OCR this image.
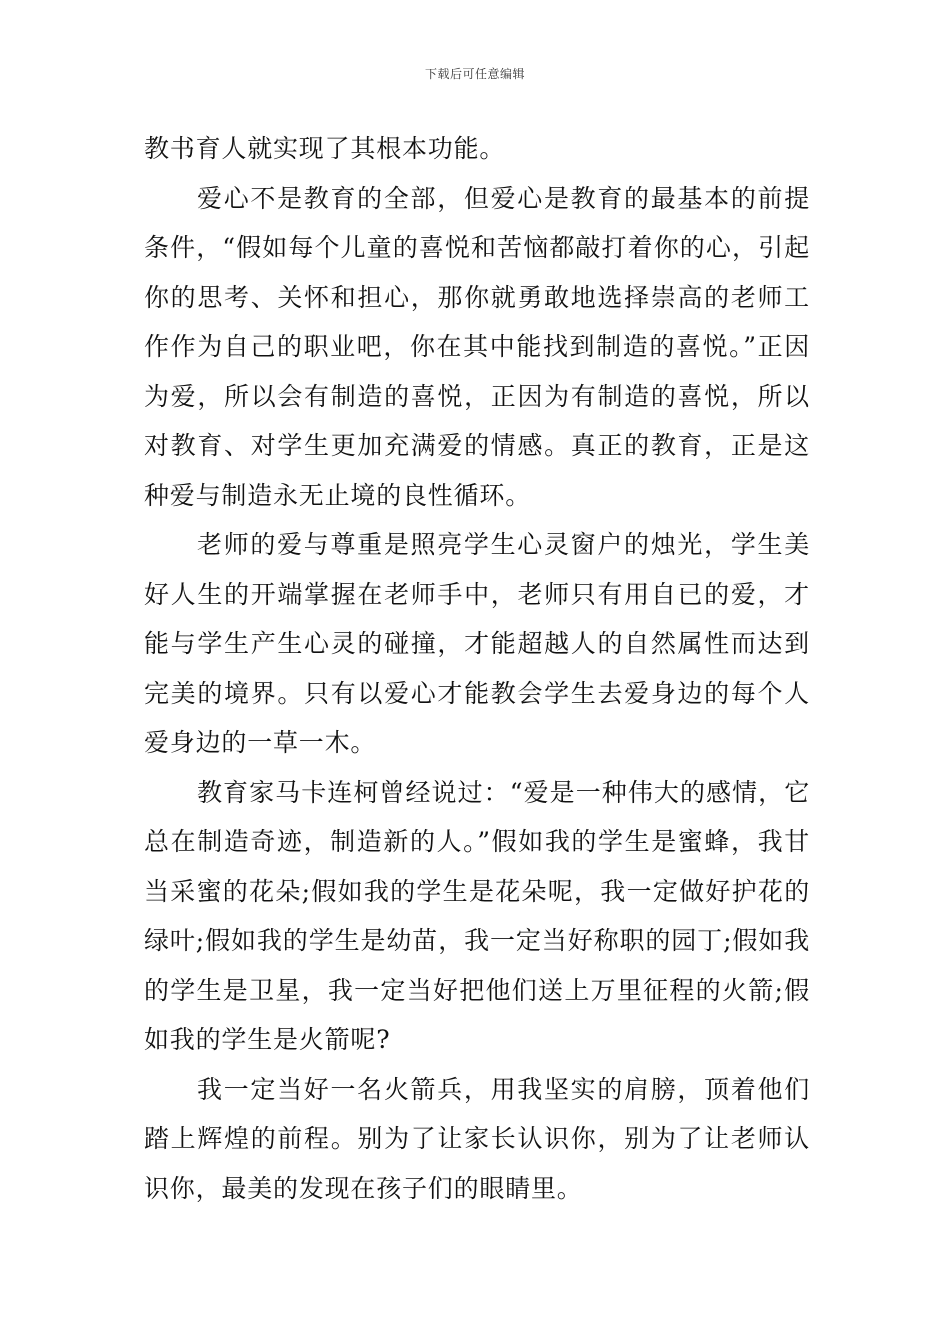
下载后可任意编辑

教书育人就实现了其根本功能。

爱心不是教育的全部，但爱心是教育的最基本的前提条件，“假如每个儿童的喜悦和苦恼都敲打着你的心，引起你的思考、关怀和担心，那你就勇敢地选择崇高的老师工作作为自己的职业吧，你在其中能找到制造的喜悦。”正因为爱，所以会有制造的喜悦，正因为有制造的喜悦，所以对教育、对学生更加充满爱的情感。真正的教育，正是这种爱与制造永无止境的良性循环。

老师的爱与尊重是照亮学生心灵窗户的烛光，学生美好人生的开端掌握在老师手中，老师只有用自已的爱，才能与学生产生心灵的碰撞，才能超越人的自然属性而达到完美的境界。只有以爱心才能教会学生去爱身边的每个人爱身边的一草一木。

教育家马卡连柯曾经说过：“爱是一种伟大的感情，它总在制造奇迹，制造新的人。”假如我的学生是蜜蜂，我甘当采蜜的花朵;假如我的学生是花朵呢，我一定做好护花的绿叶;假如我的学生是幼苗，我一定当好称职的园丁;假如我的学生是卫星，我一定当好把他们送上万里征程的火箭;假如我的学生是火箭呢?

我一定当好一名火箭兵，用我坚实的肩膀，顶着他们踏上辉煌的前程。别为了让家长认识你，别为了让老师认识你，最美的发现在孩子们的眼睛里。
